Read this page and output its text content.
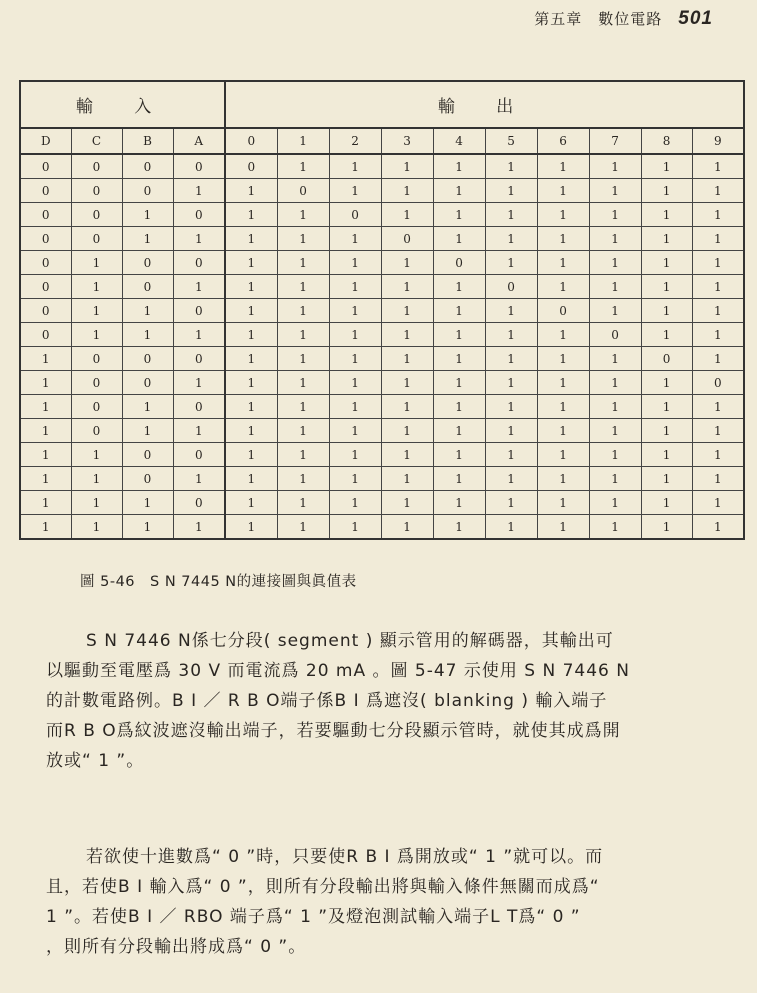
第五章 數位電路 501
輸 入				輸 出									
D	C	B	A	0	1	2	3	4	5	6	7	8	9
0	0	0	0	0	1	1	1	1	1	1	1	1	1
0	0	0	1	1	0	1	1	1	1	1	1	1	1
0	0	1	0	1	1	0	1	1	1	1	1	1	1
0	0	1	1	1	1	1	0	1	1	1	1	1	1
0	1	0	0	1	1	1	1	0	1	1	1	1	1
0	1	0	1	1	1	1	1	1	0	1	1	1	1
0	1	1	0	1	1	1	1	1	1	0	1	1	1
0	1	1	1	1	1	1	1	1	1	1	0	1	1
1	0	0	0	1	1	1	1	1	1	1	1	0	1
1	0	0	1	1	1	1	1	1	1	1	1	1	0
1	0	1	0	1	1	1	1	1	1	1	1	1	1
1	0	1	1	1	1	1	1	1	1	1	1	1	1
1	1	0	0	1	1	1	1	1	1	1	1	1	1
1	1	0	1	1	1	1	1	1	1	1	1	1	1
1	1	1	0	1	1	1	1	1	1	1	1	1	1
1	1	1	1	1	1	1	1	1	1	1	1	1	1
圖 5-46　S N 7445 N的連接圖與眞值表
S N 7446 N係七分段( segment ) 顯示管用的解碼器，其輸出可
以驅動至電壓爲 30 V 而電流爲 20 mA 。圖 5-47 示使用 S N 7446 N
的計數電路例。B I ／ R B O端子係B I 爲遮沒( blanking ) 輸入端子
而R B O爲紋波遮沒輸出端子，若要驅動七分段顯示管時，就使其成爲開
放或“ 1 ”。
若欲使十進數爲“ 0 ”時，只要使R B I 爲開放或“ 1 ”就可以。而
且，若使B I 輸入爲“ 0 ”，則所有分段輸出將與輸入條件無關而成爲“
1 ”。若使B I ／ RBO 端子爲“ 1 ”及燈泡測試輸入端子L T爲“ 0 ”
，則所有分段輸出將成爲“ 0 ”。
